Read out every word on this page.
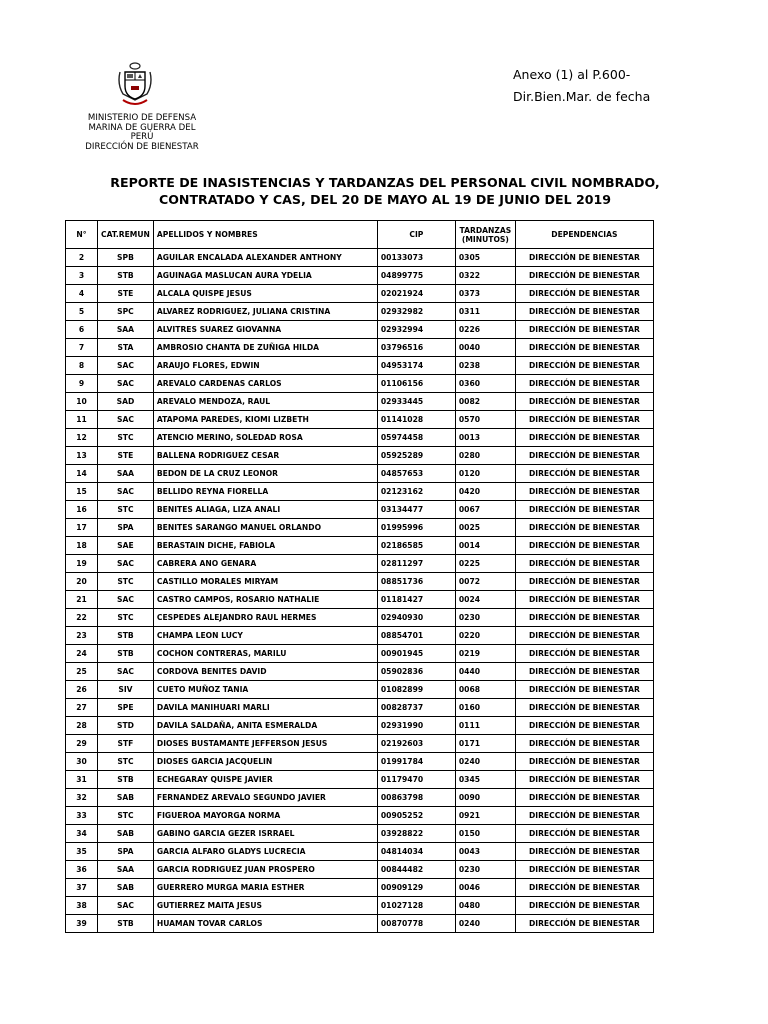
MINISTERIO DE DEFENSA
MARINA DE GUERRA DEL
PERÚ
DIRECCIÓN DE BIENESTAR
Anexo (1) al P.600-
Dir.Bien.Mar. de fecha
REPORTE DE INASISTENCIAS Y TARDANZAS DEL PERSONAL CIVIL NOMBRADO,
CONTRATADO Y CAS, DEL 20 DE MAYO AL 19 DE JUNIO DEL 2019
N°	CAT.REMUN	APELLIDOS Y NOMBRES	CIP	TARDANZAS (MINUTOS)	DEPENDENCIAS
2	SPB	AGUILAR ENCALADA ALEXANDER ANTHONY	00133073	0305	DIRECCIÓN DE BIENESTAR
3	STB	AGUINAGA MASLUCAN AURA YDELIA	04899775	0322	DIRECCIÓN DE BIENESTAR
4	STE	ALCALA QUISPE JESUS	02021924	0373	DIRECCIÓN DE BIENESTAR
5	SPC	ALVAREZ RODRIGUEZ, JULIANA CRISTINA	02932982	0311	DIRECCIÓN DE BIENESTAR
6	SAA	ALVITRES SUAREZ GIOVANNA	02932994	0226	DIRECCIÓN DE BIENESTAR
7	STA	AMBROSIO CHANTA DE ZUÑIGA HILDA	03796516	0040	DIRECCIÓN DE BIENESTAR
8	SAC	ARAUJO FLORES, EDWIN	04953174	0238	DIRECCIÓN DE BIENESTAR
9	SAC	AREVALO CARDENAS CARLOS	01106156	0360	DIRECCIÓN DE BIENESTAR
10	SAD	AREVALO MENDOZA, RAUL	02933445	0082	DIRECCIÓN DE BIENESTAR
11	SAC	ATAPOMA PAREDES, KIOMI LIZBETH	01141028	0570	DIRECCIÓN DE BIENESTAR
12	STC	ATENCIO MERINO, SOLEDAD ROSA	05974458	0013	DIRECCIÓN DE BIENESTAR
13	STE	BALLENA RODRIGUEZ CESAR	05925289	0280	DIRECCIÓN DE BIENESTAR
14	SAA	BEDON DE LA CRUZ LEONOR	04857653	0120	DIRECCIÓN DE BIENESTAR
15	SAC	BELLIDO REYNA FIORELLA	02123162	0420	DIRECCIÓN DE BIENESTAR
16	STC	BENITES ALIAGA, LIZA ANALI	03134477	0067	DIRECCIÓN DE BIENESTAR
17	SPA	BENITES SARANGO MANUEL ORLANDO	01995996	0025	DIRECCIÓN DE BIENESTAR
18	SAE	BERASTAIN DICHE, FABIOLA	02186585	0014	DIRECCIÓN DE BIENESTAR
19	SAC	CABRERA ANO GENARA	02811297	0225	DIRECCIÓN DE BIENESTAR
20	STC	CASTILLO MORALES MIRYAM	08851736	0072	DIRECCIÓN DE BIENESTAR
21	SAC	CASTRO CAMPOS, ROSARIO NATHALIE	01181427	0024	DIRECCIÓN DE BIENESTAR
22	STC	CESPEDES ALEJANDRO RAUL HERMES	02940930	0230	DIRECCIÓN DE BIENESTAR
23	STB	CHAMPA LEON LUCY	08854701	0220	DIRECCIÓN DE BIENESTAR
24	STB	COCHON CONTRERAS, MARILU	00901945	0219	DIRECCIÓN DE BIENESTAR
25	SAC	CORDOVA BENITES DAVID	05902836	0440	DIRECCIÓN DE BIENESTAR
26	SIV	CUETO MUÑOZ TANIA	01082899	0068	DIRECCIÓN DE BIENESTAR
27	SPE	DAVILA MANIHUARI MARLI	00828737	0160	DIRECCIÓN DE BIENESTAR
28	STD	DAVILA SALDAÑA, ANITA ESMERALDA	02931990	0111	DIRECCIÓN DE BIENESTAR
29	STF	DIOSES BUSTAMANTE JEFFERSON JESUS	02192603	0171	DIRECCIÓN DE BIENESTAR
30	STC	DIOSES GARCIA JACQUELIN	01991784	0240	DIRECCIÓN DE BIENESTAR
31	STB	ECHEGARAY QUISPE JAVIER	01179470	0345	DIRECCIÓN DE BIENESTAR
32	SAB	FERNANDEZ AREVALO SEGUNDO JAVIER	00863798	0090	DIRECCIÓN DE BIENESTAR
33	STC	FIGUEROA MAYORGA NORMA	00905252	0921	DIRECCIÓN DE BIENESTAR
34	SAB	GABINO GARCIA GEZER ISRRAEL	03928822	0150	DIRECCIÓN DE BIENESTAR
35	SPA	GARCIA ALFARO GLADYS LUCRECIA	04814034	0043	DIRECCIÓN DE BIENESTAR
36	SAA	GARCIA RODRIGUEZ JUAN PROSPERO	00844482	0230	DIRECCIÓN DE BIENESTAR
37	SAB	GUERRERO MURGA MARIA ESTHER	00909129	0046	DIRECCIÓN DE BIENESTAR
38	SAC	GUTIERREZ MAITA JESUS	01027128	0480	DIRECCIÓN DE BIENESTAR
39	STB	HUAMAN TOVAR CARLOS	00870778	0240	DIRECCIÓN DE BIENESTAR
